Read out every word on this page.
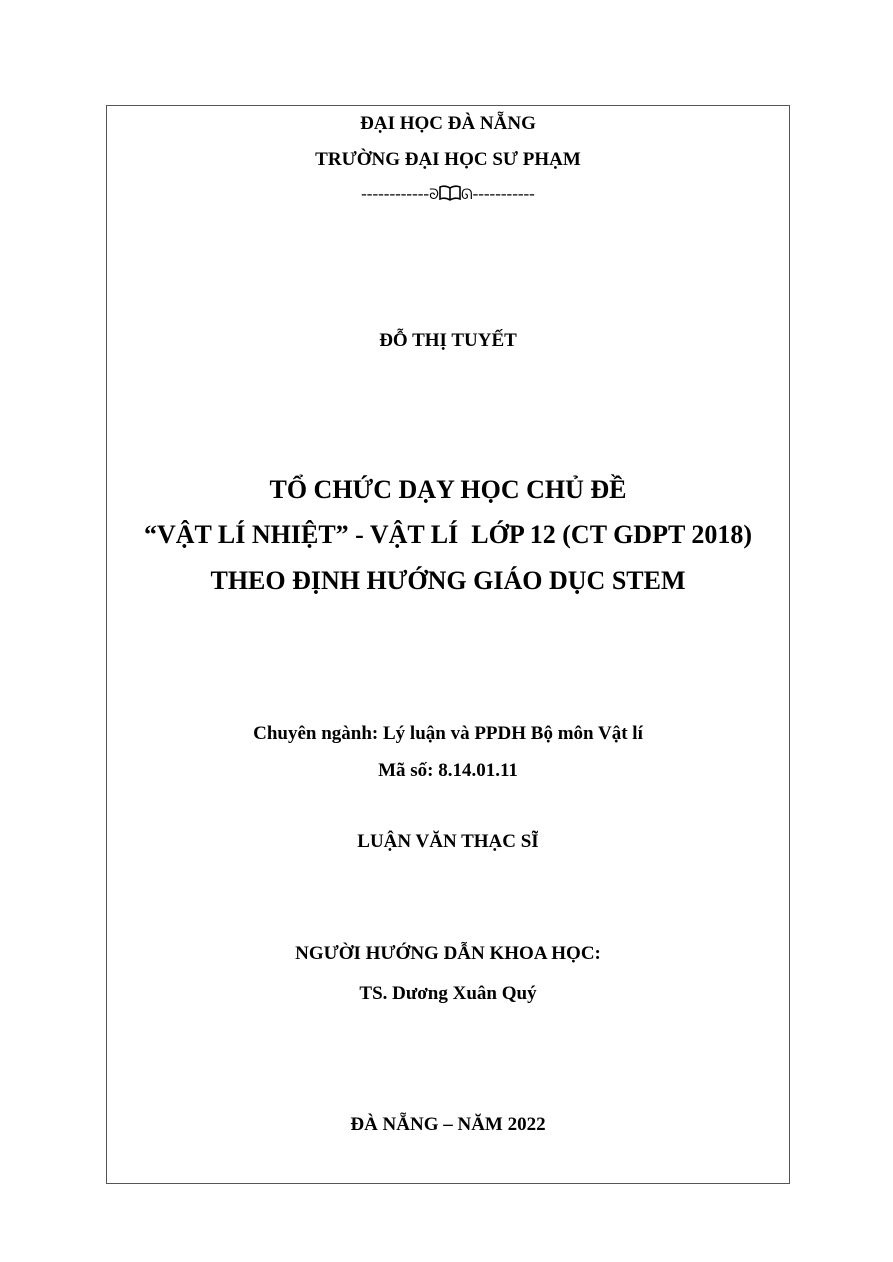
ĐẠI HỌC ĐÀ NẴNG
TRƯỜNG ĐẠI HỌC SƯ PHẠM
------------ᘐ ᘏ-----------
ĐỖ THỊ TUYẾT
TỔ CHỨC DẠY HỌC CHỦ ĐỀ
“VẬT LÍ NHIỆT” - VẬT LÍ  LỚP 12 (CT GDPT 2018)
THEO ĐỊNH HƯỚNG GIÁO DỤC STEM
Chuyên ngành: Lý luận và PPDH Bộ môn Vật lí
Mã số: 8.14.01.11
LUẬN VĂN THẠC SĨ
NGƯỜI HƯỚNG DẪN KHOA HỌC:
TS. Dương Xuân Quý
ĐÀ NẴNG – NĂM 2022
